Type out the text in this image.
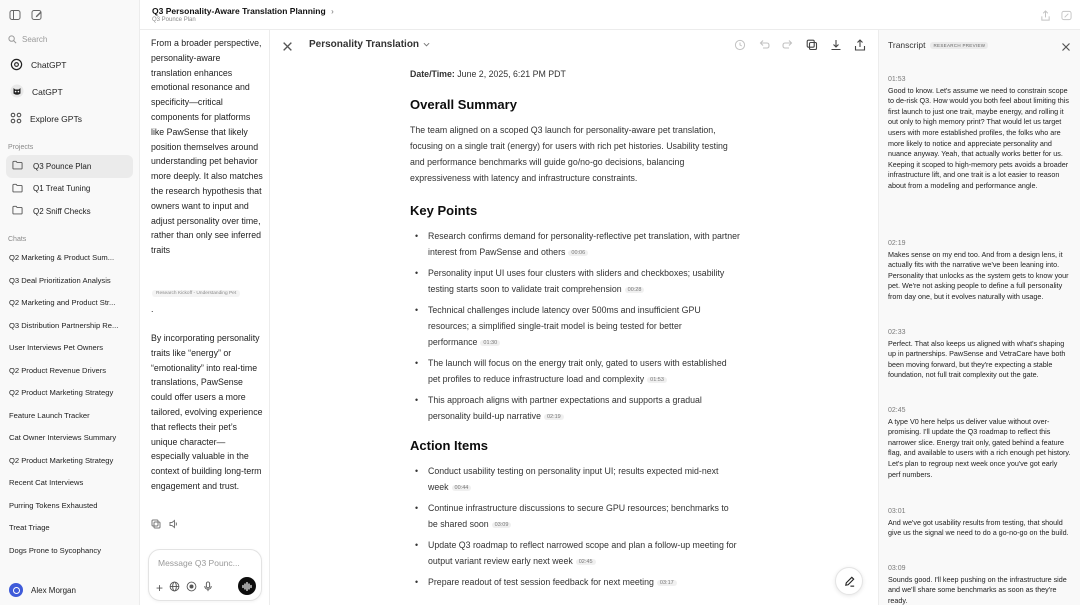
Search
ChatGPT
CatGPT
Explore GPTs
Projects
Q3 Pounce Plan
Q1 Treat Tuning
Q2 Sniff Checks
Chats
Q2 Marketing & Product Sum...
Q3 Deal Prioritization Analysis
Q2 Marketing and Product Str...
Q3 Distribution Partnership Re...
User Interviews Pet Owners
Q2 Product Revenue Drivers
Q2 Product Marketing Strategy
Feature Launch Tracker
Cat Owner Interviews Summary
Q2 Product Marketing Strategy
Recent Cat Interviews
Purring Tokens Exhausted
Treat Triage
Dogs Prone to Sycophancy
Alex Morgan
Q3 Personality-Aware Translation Planning ›
Q3 Pounce Plan
From a broader perspective, personality-aware translation enhances emotional resonance and specificity—critical components for platforms like PawSense that likely position themselves around understanding pet behavior more deeply. It also matches the research hypothesis that owners want to input and adjust personality over time, rather than only see inferred traits
.
By incorporating personality traits like “energy” or “emotionality” into real-time translations, PawSense could offer users a more tailored, evolving experience that reflects their pet’s unique character—especially valuable in the context of building long-term engagement and trust.
Message Q3 Pounc...
+
Research Kickoff - Understanding Pet
Personality Translation

Date/Time: June 2, 2025, 6:21 PM PDT

Overall Summary

The team aligned on a scoped Q3 launch for personality-aware pet translation, focusing on a single trait (energy) for users with rich pet histories. Usability testing and performance benchmarks will guide go/no-go decisions, balancing expressiveness with latency and infrastructure constraints.

Key Points
• Research confirms demand for personality-reflective pet translation, with partner interest from PawSense and others 00:06
• Personality input UI uses four clusters with sliders and checkboxes; usability testing starts soon to validate trait comprehension 00:28
• Technical challenges include latency over 500ms and insufficient GPU resources; a simplified single-trait model is being tested for better performance 01:30
• The launch will focus on the energy trait only, gated to users with established pet profiles to reduce infrastructure load and complexity 01:53
• This approach aligns with partner expectations and supports a gradual personality build-up narrative 02:19
Action Items
• Conduct usability testing on personality input UI; results expected mid-next week 00:44
• Continue infrastructure discussions to secure GPU resources; benchmarks to be shared soon 03:09
• Update Q3 roadmap to reflect narrowed scope and plan a follow-up meeting for output variant review early next week 02:45
• Prepare readout of test session feedback for next meeting 03:17
Transcript	RESEARCH PREVIEW
01:53
Good to know. Let's assume we need to constrain scope to de-risk Q3. How would you both feel about limiting this first launch to just one trait, maybe energy, and rolling it out only to high memory print? That would let us target users with more established profiles, the folks who are more likely to notice and appreciate personality and nuance anyway. Yeah, that actually works better for us. Keeping it scoped to high-memory pets avoids a broader infrastructure lift, and one trait is a lot easier to reason about from a modeling and performance angle.
02:19
Makes sense on my end too. And from a design lens, it actually fits with the narrative we've been leaning into. Personality that unlocks as the system gets to know your pet. We're not asking people to define a full personality from day one, but it evolves naturally with usage.
02:33
Perfect. That also keeps us aligned with what's shaping up in partnerships. PawSense and VetraCare have both been moving forward, but they're expecting a stable foundation, not full trait complexity out the gate.
02:45
A type V0 here helps us deliver value without over-promising. I'll update the Q3 roadmap to reflect this narrower slice. Energy trait only, gated behind a feature flag, and available to users with a rich enough pet history. Let's plan to regroup next week once you've got early perf numbers.
03:01
And we've got usability results from testing, that should give us the signal we need to do a go-no-go on the build.
03:09
Sounds good. I'll keep pushing on the infrastructure side and we'll share some benchmarks as soon as they're ready.
